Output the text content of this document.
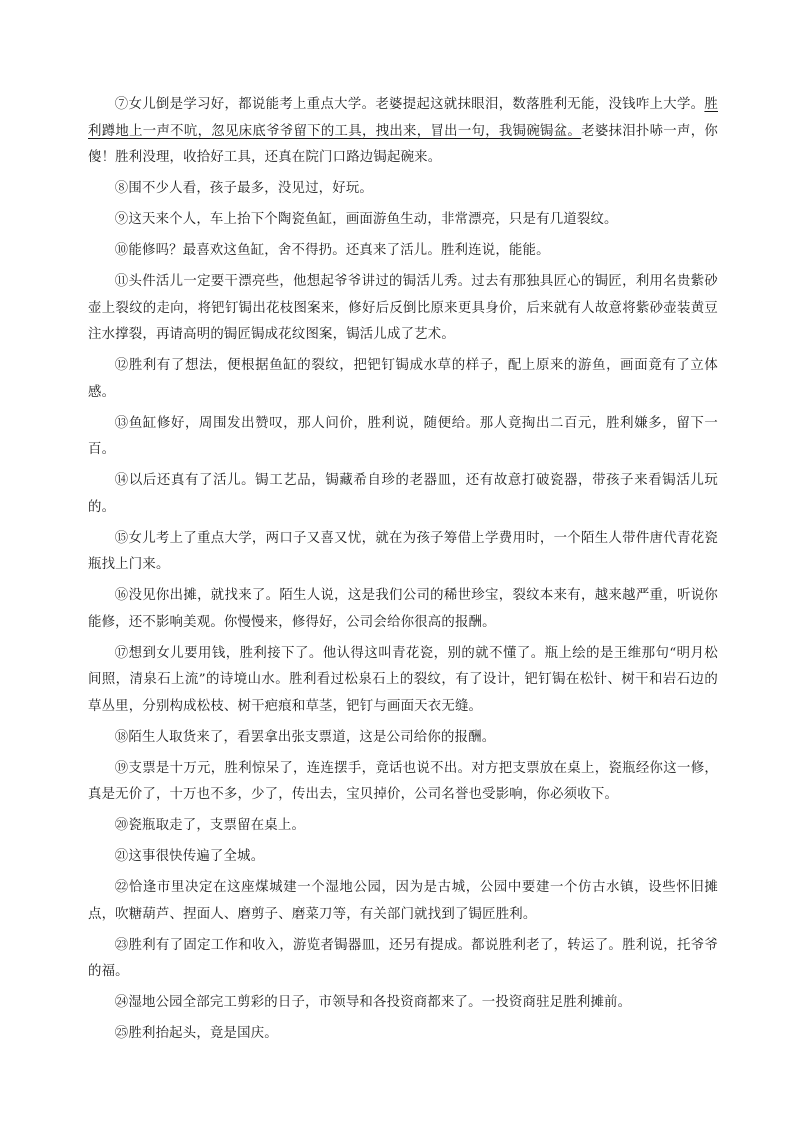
⑦女儿倒是学习好，都说能考上重点大学。老婆提起这就抹眼泪，数落胜利无能，没钱咋上大学。胜利蹲地上一声不吭，忽见床底爷爷留下的工具，拽出来，冒出一句，我锔碗锔盆。老婆抹泪扑哧一声，你傻！胜利没理，收拾好工具，还真在院门口路边锔起碗来。

⑧围不少人看，孩子最多，没见过，好玩。

⑨这天来个人，车上抬下个陶瓷鱼缸，画面游鱼生动，非常漂亮，只是有几道裂纹。

⑩能修吗？最喜欢这鱼缸，舍不得扔。还真来了活儿。胜利连说，能能。

⑪头件活儿一定要干漂亮些，他想起爷爷讲过的锔活儿秀。过去有那独具匠心的锔匠，利用名贵紫砂壶上裂纹的走向，将钯钉锔出花枝图案来，修好后反倒比原来更具身价，后来就有人故意将紫砂壶装黄豆注水撑裂，再请高明的锔匠锔成花纹图案，锔活儿成了艺术。

⑫胜利有了想法，便根据鱼缸的裂纹，把钯钉锔成水草的样子，配上原来的游鱼，画面竟有了立体感。

⑬鱼缸修好，周围发出赞叹，那人问价，胜利说，随便给。那人竟掏出二百元，胜利嫌多，留下一百。

⑭以后还真有了活儿。锔工艺品，锔藏希自珍的老器皿，还有故意打破瓷器，带孩子来看锔活儿玩的。

⑮女儿考上了重点大学，两口子又喜又忧，就在为孩子筹借上学费用时，一个陌生人带件唐代青花瓷瓶找上门来。

⑯没见你出摊，就找来了。陌生人说，这是我们公司的稀世珍宝，裂纹本来有，越来越严重，听说你能修，还不影响美观。你慢慢来，修得好，公司会给你很高的报酬。

⑰想到女儿要用钱，胜利接下了。他认得这叫青花瓷，别的就不懂了。瓶上绘的是王维那句“明月松间照，清泉石上流”的诗境山水。胜利看过松泉石上的裂纹，有了设计，钯钉锔在松针、树干和岩石边的草丛里，分别构成松枝、树干疤痕和草茎，钯钉与画面天衣无缝。

⑱陌生人取货来了，看罢拿出张支票道，这是公司给你的报酬。

⑲支票是十万元，胜利惊呆了，连连摆手，竟话也说不出。对方把支票放在桌上，瓷瓶经你这一修，真是无价了，十万也不多，少了，传出去，宝贝掉价，公司名誉也受影响，你必须收下。

⑳瓷瓶取走了，支票留在桌上。

㉑这事很快传遍了全城。

㉒恰逢市里决定在这座煤城建一个湿地公园，因为是古城，公园中要建一个仿古水镇，设些怀旧摊点，吹糖葫芦、捏面人、磨剪子、磨菜刀等，有关部门就找到了锔匠胜利。

㉓胜利有了固定工作和收入，游览者锔器皿，还另有提成。都说胜利老了，转运了。胜利说，托爷爷的福。

㉔湿地公园全部完工剪彩的日子，市领导和各投资商都来了。一投资商驻足胜利摊前。

㉕胜利抬起头，竟是国庆。
